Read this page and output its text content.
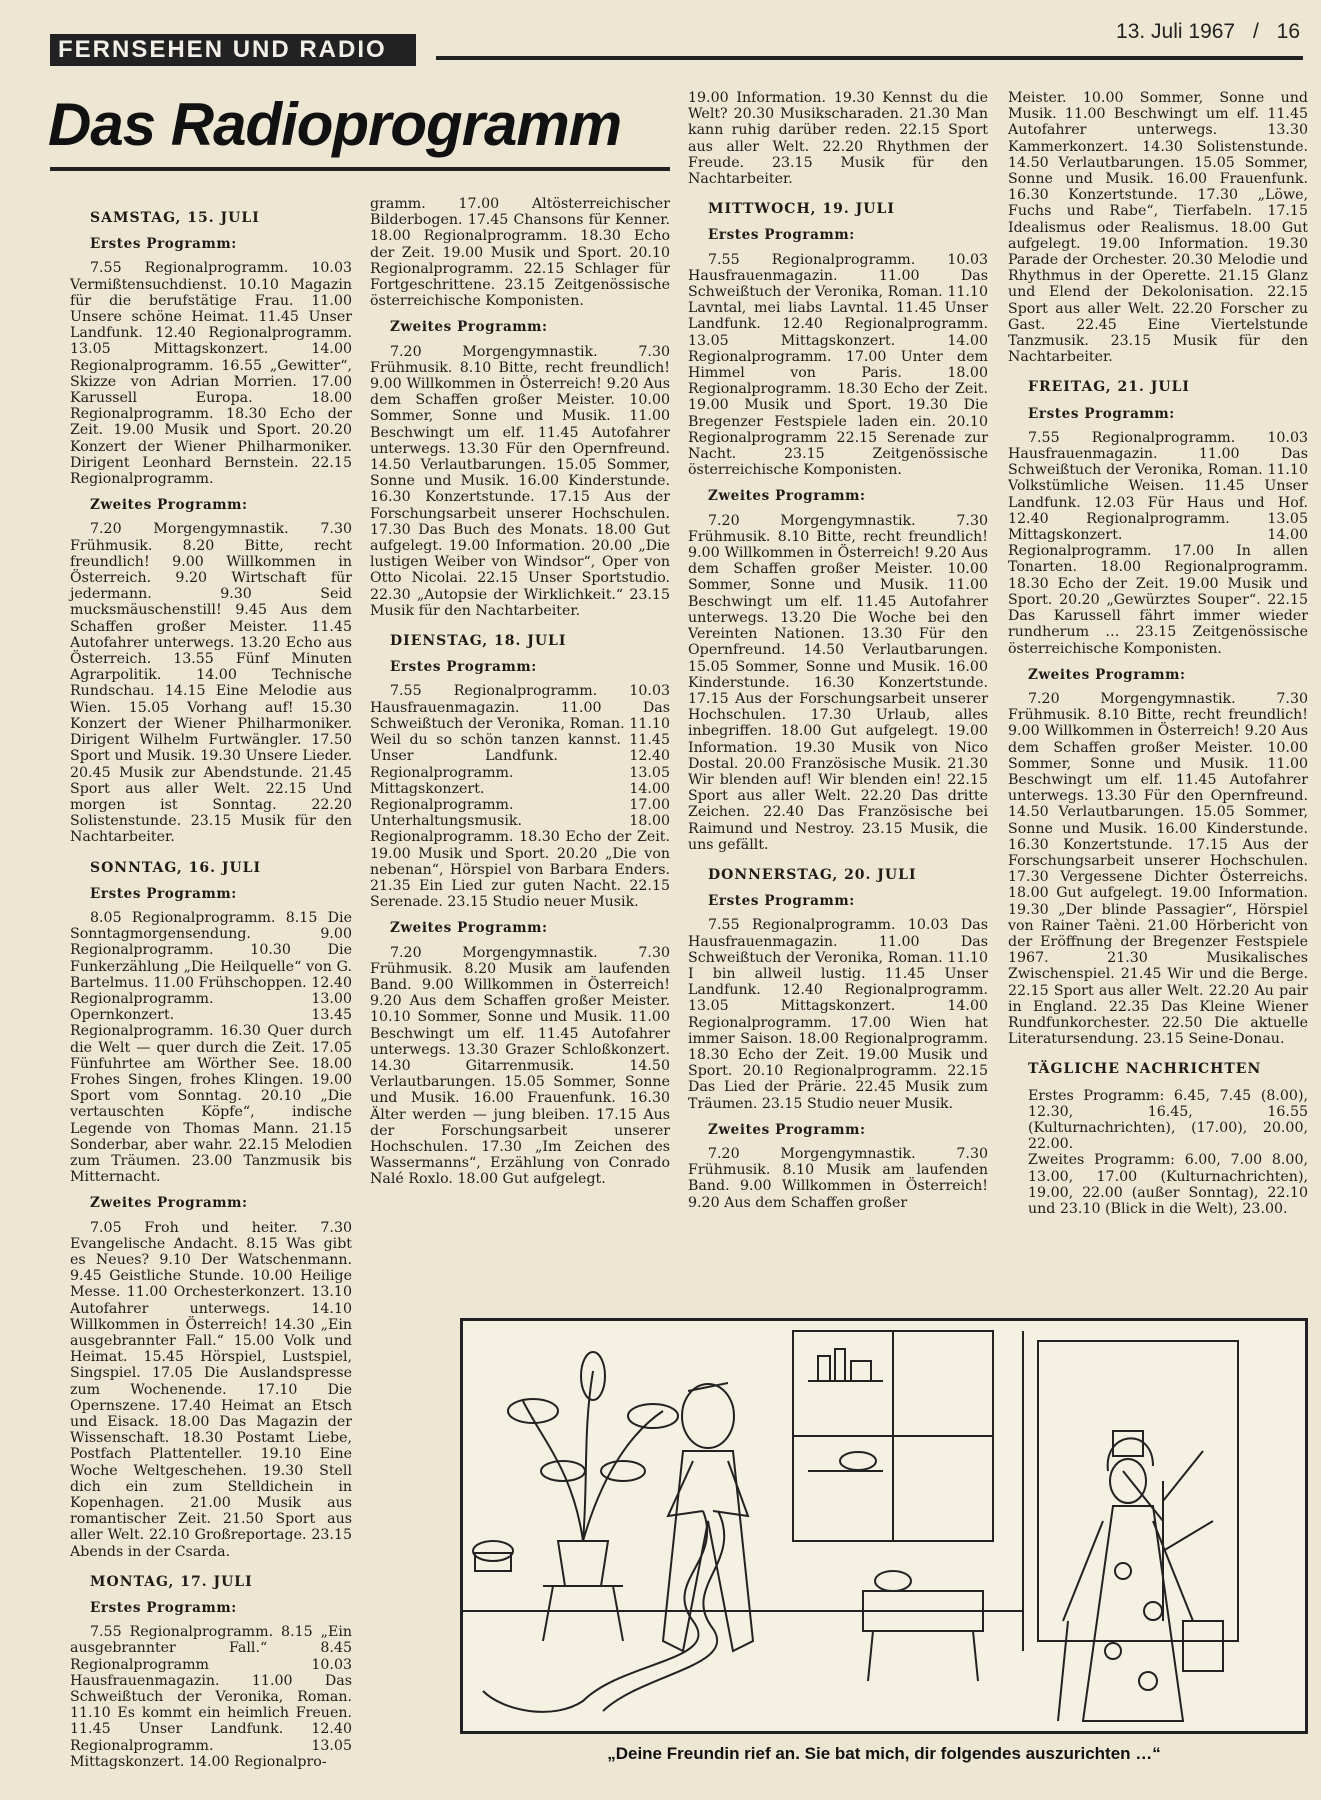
FERNSEHEN UND RADIO
13. Juli 1967 / 16
Das Radioprogramm
SAMSTAG, 15. JULI
Erstes Programm:
7.55 Regionalprogramm. 10.03 Vermißtensuchdienst. 10.10 Magazin für die berufstätige Frau. 11.00 Unsere schöne Heimat. 11.45 Unser Landfunk. 12.40 Regionalprogramm. 13.05 Mittagskonzert. 14.00 Regionalprogramm. 16.55 „Gewitter“, Skizze von Adrian Morrien. 17.00 Karussell Europa. 18.00 Regionalprogramm. 18.30 Echo der Zeit. 19.00 Musik und Sport. 20.20 Konzert der Wiener Philharmoniker. Dirigent Leonhard Bernstein. 22.15 Regionalprogramm.
Zweites Programm:
7.20 Morgengymnastik. 7.30 Frühmusik. 8.20 Bitte, recht freundlich! 9.00 Willkommen in Österreich. 9.20 Wirtschaft für jedermann. 9.30 Seid mucksmäuschenstill! 9.45 Aus dem Schaffen großer Meister. 11.45 Autofahrer unterwegs. 13.20 Echo aus Österreich. 13.55 Fünf Minuten Agrarpolitik. 14.00 Technische Rundschau. 14.15 Eine Melodie aus Wien. 15.05 Vorhang auf! 15.30 Konzert der Wiener Philharmoniker. Dirigent Wilhelm Furtwängler. 17.50 Sport und Musik. 19.30 Unsere Lieder. 20.45 Musik zur Abendstunde. 21.45 Sport aus aller Welt. 22.15 Und morgen ist Sonntag. 22.20 Solistenstunde. 23.15 Musik für den Nachtarbeiter.
SONNTAG, 16. JULI
Erstes Programm:
8.05 Regionalprogramm. 8.15 Die Sonntagmorgensendung. 9.00 Regionalprogramm. 10.30 Die Funkerzählung „Die Heilquelle“ von G. Bartelmus. 11.00 Frühschoppen. 12.40 Regionalprogramm. 13.00 Opernkonzert. 13.45 Regionalprogramm. 16.30 Quer durch die Welt — quer durch die Zeit. 17.05 Fünfuhrtee am Wörther See. 18.00 Frohes Singen, frohes Klingen. 19.00 Sport vom Sonntag. 20.10 „Die vertauschten Köpfe“, indische Legende von Thomas Mann. 21.15 Sonderbar, aber wahr. 22.15 Melodien zum Träumen. 23.00 Tanzmusik bis Mitternacht.
Zweites Programm:
7.05 Froh und heiter. 7.30 Evangelische Andacht. 8.15 Was gibt es Neues? 9.10 Der Watschenmann. 9.45 Geistliche Stunde. 10.00 Heilige Messe. 11.00 Orchesterkonzert. 13.10 Autofahrer unterwegs. 14.10 Willkommen in Österreich! 14.30 „Ein ausgebrannter Fall.“ 15.00 Volk und Heimat. 15.45 Hörspiel, Lustspiel, Singspiel. 17.05 Die Auslandspresse zum Wochenende. 17.10 Die Opernszene. 17.40 Heimat an Etsch und Eisack. 18.00 Das Magazin der Wissenschaft. 18.30 Postamt Liebe, Postfach Plattenteller. 19.10 Eine Woche Weltgeschehen. 19.30 Stell dich ein zum Stelldichein in Kopenhagen. 21.00 Musik aus romantischer Zeit. 21.50 Sport aus aller Welt. 22.10 Großreportage. 23.15 Abends in der Csarda.
MONTAG, 17. JULI
Erstes Programm:
7.55 Regionalprogramm. 8.15 „Ein ausgebrannter Fall.“ 8.45 Regionalprogramm 10.03 Hausfrauenmagazin. 11.00 Das Schweißtuch der Veronika, Roman. 11.10 Es kommt ein heimlich Freuen. 11.45 Unser Landfunk. 12.40 Regionalprogramm. 13.05 Mittagskonzert. 14.00 Regionalpro-
gramm. 17.00 Altösterreichischer Bilderbogen. 17.45 Chansons für Kenner. 18.00 Regionalprogramm. 18.30 Echo der Zeit. 19.00 Musik und Sport. 20.10 Regionalprogramm. 22.15 Schlager für Fortgeschrittene. 23.15 Zeitgenössische österreichische Komponisten.
Zweites Programm:
7.20 Morgengymnastik. 7.30 Frühmusik. 8.10 Bitte, recht freundlich! 9.00 Willkommen in Österreich! 9.20 Aus dem Schaffen großer Meister. 10.00 Sommer, Sonne und Musik. 11.00 Beschwingt um elf. 11.45 Autofahrer unterwegs. 13.30 Für den Opernfreund. 14.50 Verlautbarungen. 15.05 Sommer, Sonne und Musik. 16.00 Kinderstunde. 16.30 Konzertstunde. 17.15 Aus der Forschungsarbeit unserer Hochschulen. 17.30 Das Buch des Monats. 18.00 Gut aufgelegt. 19.00 Information. 20.00 „Die lustigen Weiber von Windsor“, Oper von Otto Nicolai. 22.15 Unser Sportstudio. 22.30 „Autopsie der Wirklichkeit.“ 23.15 Musik für den Nachtarbeiter.
DIENSTAG, 18. JULI
Erstes Programm:
7.55 Regionalprogramm. 10.03 Hausfrauenmagazin. 11.00 Das Schweißtuch der Veronika, Roman. 11.10 Weil du so schön tanzen kannst. 11.45 Unser Landfunk. 12.40 Regionalprogramm. 13.05 Mittagskonzert. 14.00 Regionalprogramm. 17.00 Unterhaltungsmusik. 18.00 Regionalprogramm. 18.30 Echo der Zeit. 19.00 Musik und Sport. 20.20 „Die von nebenan“, Hörspiel von Barbara Enders. 21.35 Ein Lied zur guten Nacht. 22.15 Serenade. 23.15 Studio neuer Musik.
Zweites Programm:
7.20 Morgengymnastik. 7.30 Frühmusik. 8.20 Musik am laufenden Band. 9.00 Willkommen in Österreich! 9.20 Aus dem Schaffen großer Meister. 10.10 Sommer, Sonne und Musik. 11.00 Beschwingt um elf. 11.45 Autofahrer unterwegs. 13.30 Grazer Schloßkonzert. 14.30 Gitarrenmusik. 14.50 Verlautbarungen. 15.05 Sommer, Sonne und Musik. 16.00 Frauenfunk. 16.30 Älter werden — jung bleiben. 17.15 Aus der Forschungsarbeit unserer Hochschulen. 17.30 „Im Zeichen des Wassermanns“, Erzählung von Conrado Nalé Roxlo. 18.00 Gut aufgelegt.
19.00 Information. 19.30 Kennst du die Welt? 20.30 Musikscharaden. 21.30 Man kann ruhig darüber reden. 22.15 Sport aus aller Welt. 22.20 Rhythmen der Freude. 23.15 Musik für den Nachtarbeiter.
MITTWOCH, 19. JULI
Erstes Programm:
7.55 Regionalprogramm. 10.03 Hausfrauenmagazin. 11.00 Das Schweißtuch der Veronika, Roman. 11.10 Lavntal, mei liabs Lavntal. 11.45 Unser Landfunk. 12.40 Regionalprogramm. 13.05 Mittagskonzert. 14.00 Regionalprogramm. 17.00 Unter dem Himmel von Paris. 18.00 Regionalprogramm. 18.30 Echo der Zeit. 19.00 Musik und Sport. 19.30 Die Bregenzer Festspiele laden ein. 20.10 Regionalprogramm 22.15 Serenade zur Nacht. 23.15 Zeitgenössische österreichische Komponisten.
Zweites Programm:
7.20 Morgengymnastik. 7.30 Frühmusik. 8.10 Bitte, recht freundlich! 9.00 Willkommen in Österreich! 9.20 Aus dem Schaffen großer Meister. 10.00 Sommer, Sonne und Musik. 11.00 Beschwingt um elf. 11.45 Autofahrer unterwegs. 13.20 Die Woche bei den Vereinten Nationen. 13.30 Für den Opernfreund. 14.50 Verlautbarungen. 15.05 Sommer, Sonne und Musik. 16.00 Kinderstunde. 16.30 Konzertstunde. 17.15 Aus der Forschungsarbeit unserer Hochschulen. 17.30 Urlaub, alles inbegriffen. 18.00 Gut aufgelegt. 19.00 Information. 19.30 Musik von Nico Dostal. 20.00 Französische Musik. 21.30 Wir blenden auf! Wir blenden ein! 22.15 Sport aus aller Welt. 22.20 Das dritte Zeichen. 22.40 Das Französische bei Raimund und Nestroy. 23.15 Musik, die uns gefällt.
DONNERSTAG, 20. JULI
Erstes Programm:
7.55 Regionalprogramm. 10.03 Das Hausfrauenmagazin. 11.00 Das Schweißtuch der Veronika, Roman. 11.10 I bin allweil lustig. 11.45 Unser Landfunk. 12.40 Regionalprogramm. 13.05 Mittagskonzert. 14.00 Regionalprogramm. 17.00 Wien hat immer Saison. 18.00 Regionalprogramm. 18.30 Echo der Zeit. 19.00 Musik und Sport. 20.10 Regionalprogramm. 22.15 Das Lied der Prärie. 22.45 Musik zum Träumen. 23.15 Studio neuer Musik.
Zweites Programm:
7.20 Morgengymnastik. 7.30 Frühmusik. 8.10 Musik am laufenden Band. 9.00 Willkommen in Österreich! 9.20 Aus dem Schaffen großer
Meister. 10.00 Sommer, Sonne und Musik. 11.00 Beschwingt um elf. 11.45 Autofahrer unterwegs. 13.30 Kammerkonzert. 14.30 Solistenstunde. 14.50 Verlautbarungen. 15.05 Sommer, Sonne und Musik. 16.00 Frauenfunk. 16.30 Konzertstunde. 17.30 „Löwe, Fuchs und Rabe“, Tierfabeln. 17.15 Idealismus oder Realismus. 18.00 Gut aufgelegt. 19.00 Information. 19.30 Parade der Orchester. 20.30 Melodie und Rhythmus in der Operette. 21.15 Glanz und Elend der Dekolonisation. 22.15 Sport aus aller Welt. 22.20 Forscher zu Gast. 22.45 Eine Viertelstunde Tanzmusik. 23.15 Musik für den Nachtarbeiter.
FREITAG, 21. JULI
Erstes Programm:
7.55 Regionalprogramm. 10.03 Hausfrauenmagazin. 11.00 Das Schweißtuch der Veronika, Roman. 11.10 Volkstümliche Weisen. 11.45 Unser Landfunk. 12.03 Für Haus und Hof. 12.40 Regionalprogramm. 13.05 Mittagskonzert. 14.00 Regionalprogramm. 17.00 In allen Tonarten. 18.00 Regionalprogramm. 18.30 Echo der Zeit. 19.00 Musik und Sport. 20.20 „Gewürztes Souper“. 22.15 Das Karussell fährt immer wieder rundherum … 23.15 Zeitgenössische österreichische Komponisten.
Zweites Programm:
7.20 Morgengymnastik. 7.30 Frühmusik. 8.10 Bitte, recht freundlich! 9.00 Willkommen in Österreich! 9.20 Aus dem Schaffen großer Meister. 10.00 Sommer, Sonne und Musik. 11.00 Beschwingt um elf. 11.45 Autofahrer unterwegs. 13.30 Für den Opernfreund. 14.50 Verlautbarungen. 15.05 Sommer, Sonne und Musik. 16.00 Kinderstunde. 16.30 Konzertstunde. 17.15 Aus der Forschungsarbeit unserer Hochschulen. 17.30 Vergessene Dichter Österreichs. 18.00 Gut aufgelegt. 19.00 Information. 19.30 „Der blinde Passagier“, Hörspiel von Rainer Taèni. 21.00 Hörbericht von der Eröffnung der Bregenzer Festspiele 1967. 21.30 Musikalisches Zwischenspiel. 21.45 Wir und die Berge. 22.15 Sport aus aller Welt. 22.20 Au pair in England. 22.35 Das Kleine Wiener Rundfunkorchester. 22.50 Die aktuelle Literatursendung. 23.15 Seine-Donau.
TÄGLICHE NACHRICHTEN
Erstes Programm: 6.45, 7.45 (8.00), 12.30, 16.45, 16.55 (Kulturnachrichten), (17.00), 20.00, 22.00.
Zweites Programm: 6.00, 7.00 8.00, 13.00, 17.00 (Kulturnachrichten), 19.00, 22.00 (außer Sonntag), 22.10 und 23.10 (Blick in die Welt), 23.00.
„Deine Freundin rief an. Sie bat mich, dir folgendes auszurichten …“
